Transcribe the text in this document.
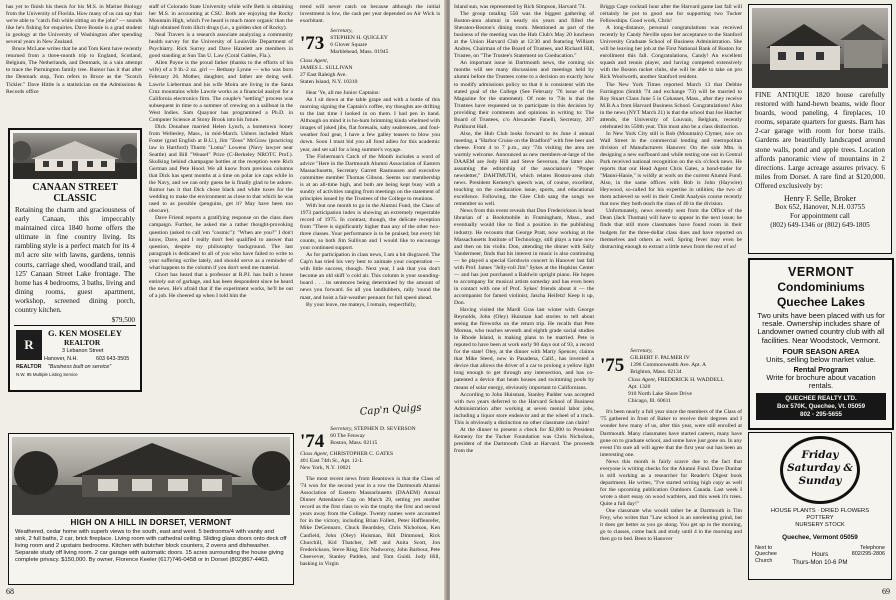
has yet to finish his thesis for his M.S. in Marine Biology from the University of Florida. How many of us can say that we're able to "catch fish while sitting on the john" — sounds like he's fishing for enquiries. Dave Bossie is a grad student in geology at the University of Washington after spending several years in New Zealand.

Bruce McLane writes that he and Tom Kent have recently returned from a three-month trip to England, Scotland, Belgium, The Netherlands, and Denmark, in a vain attempt to trace the Parmington family tree. Rumor has it that after the Denmark stop, Tom refers to Bruce as the "Scotch Tickler." Dave Hittle is a statistician on the Admissions & Records office

CANAAN STREET
CLASSIC
Retaining the charm and graciousness of early Canaan, this impeccably maintained circa 1840 home offers the ultimate in fine country living. Its rambling style is a perfect match for its 4 m/l acre site with lawns, gardens, tennis courts, carriage shed, woodland trail, and 125' Canaan Street Lake frontage. The home has 4 bedrooms, 3 baths, living and dining rooms, guest apartment, workshop, screened dining porch, country kitchen.
$79,500
R
G. KEN MOSELEY
REALTOR
3 Lebanon Street
Hanover, N.H.	603 643-3505
REALTOR "Business built on service"
N.W. 95 Multiple Listing Service

staff of Colorado State University while wife Beth is obtaining her M.S. in accounting at CSU. Both are enjoying the Rocky Mountain High, which I've heard is much more organic than the high obtained from illicit drugs (i.e., a golden shot of Rocky).

Neal Travers is a research associate analyzing a community health survey for the University of Louisville Department of Psychiatry. Rick Surrey and Dave Hazelett are members in good standing at Sun Tan U. Law (Coral Gables, Fla.).

Allen Payne is the proud father (thanks to the efforts of his wife) of a 9 lb.-2 oz. girl — Bethany Lynne — who was born February 26. Mother, daughter, and father are doing well. Lawrie Lieberman and his wife Moira are living in the Santa Cruz mountains while Lawrie works as a financial analyst for a California electronics firm. The couple's "settling" process was subsequent in time to a summer of crewing on a sailboat in the West Indies. Sam Quaynor has programmed a Ph.D. in Computer Science at Stony Brook into his future.

Dick Donahue married Helen Lynch, a hometown honey from Wellesley, Mass., in mid-March. Ushers included Mark Foster (grad English at B.U.), Jim "Zeus" McGraw (practicing law in Hartford) Thurm "Loma" Lowens (Navy lawyer near Seattle) and Bill "Weasel" Price (C-Berkeley NROTC Prof.). Skulking behind champagne bottles at the reception were Rich German and Pete Hood. We all know from previous columns that Dick has spent months at a time on polar ice caps while in the Navy, and we can only guess he is finally glad to be ashore. Rumor has it that Dick chose black and white tuxes for the wedding to make the environment as close to that which he was used to as possible (penguins, get it? May have been too obscure).

Dave Friend reports a gratifying response on the class dues campaign. Further, he asked me a rather thought-provoking question (asked to call 'em "cosmic"): "When are you?" I don't know, Dave, and I really don't feel qualified to answer that question, despite my philosophy background. The last paragraph is dedicated to all of you who have failed to write to your suffering scribe lately, and should serve as a reminder of what happens to the column if you don't send me material.

Ghort has heard that a professor at R.P.I. has built a house entirely out of garbage, and has been despondent since he heard the news. He's afraid that if the experiment works, he'll be out of a job. He cheered up when I told him the

trend will never catch on because although the initial investment is low, the cash per year depended on Air Wick is exorbitant.

'73
Secretary,
STEPHEN H. QUIGLEY
6 Glover Square
Marblehead, Mass. 01945
Class Agent,
JAMES L. SULLIVAN
27 East Raleigh Ave.
Staten Island, N.Y. 10310

Hear 'Ye, all me Junior Captains:

As I sit down at the table grape and with a bottle of this morning signing the Captain's coffee, my thoughts are drifting to the last time I looked in on them. I had pen in hand. Although on mind it is ho-hum brimming kinda whelmed with images of joked jibs, flat foresails, salty seabreezes, and foul-weather foul gear, I have a few galley teasers to blow you down. Soon I must bid you all fond adieu for this academic year, and set sail for a long summer's voyage.

The Fisherman's Catch of the Month includes a word of advice "Here in the Dartmouth Alumni Association of Eastern Massachusetts, Secretary Garrett Rasmussen and executive committee member Thomas Gibson. Seems our membership is at an all-time high, and both are being kept busy with a sundry of activities ranging from meetings on the statement of principles issued by the Trustees of the College to reunions.

With but one month to go in the Alumni Fund, the Class of 1973 participation index is showing an extremely respectable record of 1975. In contrast, though, the delicate reception from "There is significantly higher than any of the other two-three classes. Your performance is to be praised; but every bit counts, so both Jim Sullivan and I would like to encourage your continued support.

As for participation in class news, I am a bit disgraced. The Cap'n has tried his very best to animate your cooperation — with little success, though. Next year, I ask that you don't become an old skiff 'o cold air. This column is your sounding-board . . . its sentences being determined by the amount of news you forward. So all you landlubbers, rally 'round the mast, and hoist a fair-weather pennant for full speed ahead.

By your leave, me mateys, I remain, respectfully,

Cap'n Quigs
'74
Secretary, STEPHEN D. SEVERSON
60 The Fenway
Boston, Mass. 02115
Class Agent, CHRISTOPHER C. GATES
401 East 74th St., Apt. 12-L
New York, N.Y. 10021

The most recent news from Beantown is that the Class of '74 won for the second year in a row the Dartmouth Alumni Association of Eastern Massachusetts (DAAEM) Annual Dinner Attendance Cup on March 29, setting yet another record as the first class to win the trophy the first and second years away from the College. Twenty names were accounted for in the victory, including Brian Follett, Peter Hafflenrefer, Mike DeGennaro, Chuck Beardsley, Chris Nicholson, Ken Canfield, John (Oley) Huisman, Bill Dimmond, Rick Churchill, Kid Thatcher, Jeff and Anita Scott, Jon Frederickson, Steve Ring, Eric Nadworny, John Barbour, Pete Cheevever, Stanley Padden, and Tom Guidi. Jody Hill, basking in Virgin

HIGH ON A HILL IN DORSET, VERMONT
Weathered, cedar home with superb views to the south, east and west. 5 bedrooms/4 with vanity and sink, 2 full baths, 2 car, brick fireplace. Living room with cathedral ceiling. Sliding glass doors onto deck off living room and 2 upstairs bedrooms. Kitchen with butcher block counters, 2 ovens and dishwasher. Separate study off living room. 2 car garage with automatic doors. 15 acres surrounding the house giving complete privacy. $150,000. By owner, Florence Keeler (617)746-0458 or in Dorset (802)867-4463.
68

Island sun, was represented by Rich Simpson, Harvard '74.

The group totaling 550 was the biggest gathering of Boston-area alumni in nearly six years and filled the Sheraton-Boston's dining room. Mentioned as part of the business of the meeting was the Hub Club's May 20 luncheon at the Union Harvard Club at 12:30 and featuring William Andres, Chairman of the Board of Trustees, and Richard Hill, Trustee, on "The Trustee's Statement on Coeducation."

An important issue in Dartmouth news, the coming six months will see many discussions and meetings held by alumni before the Trustees come to a decision on exactly how to modify admissions policy so that it is consistent with the stated goal of the College (See February '76 issue of the Magazine for the statement). Of note to '74s is that the Trustees have requested us to participate in this decision by providing their comments and opinions in writing to: The Board of Trustees, c/o Alexander Fanelli, Secretary, 207 Parkhurst Hall.

Also, the Hub Club looks forward to its June 4 annual meeting, a "Harbor Cruise on the Bradford" with free beer and cheese. From 4 to 7 p.m., any '74s visiting the area are warmly welcome. Announced as new members-at-large of the DAAEM are Jody Hill and Steve Severson, the latter also assuming the editorship of the association's "Proper newsletter," DAHTMUTH, which relates Boston-area club news. President Kemeny's speech was, of course, excellent, touching on the coeducation issue, sports, and educational excellence. Following, the Glee Club sang the songs we remember so well.

News from this event reveals that Don Frederickson is head librarian of a Bookmobile in Framingham, Mass., and eventually would like to find a position in the publishing industry. He recounts that George Pratt, now working at the Massachusetts Institute of Technology, still plays a tune now and then on his violin. Don, attending the dinner with Sally Vandermeer, finds that his interest in music is also continuing — he played a special Gershwin concert in Hanover last fall with Prof. James "Jelly-roll Jim" Sykes at the Hopkins Center — and has just purchased a Baldwin upright piano. He hopes to accompany for musical artists someday and has even been in contact with one of Prof. Sykes' friends about it — the accompanist for famed violinist, Jascha Heifetz! Keep it up, Don.

Having visited the Mardi Gras last winter with George Reynolds, John (Oley) Huisman had stories to tell about seeing the fireworks on the return trip. He recalls that Pete Moreau, who teaches seventh and eighth grade social studies in Rhode Island, is making plans to be married. Pete is reputed to have been at work early 90 days out of 93, a record for the state! Oley, at the dinner with Marty Spencer, claims that Mike Steed, now in Pasadena, Calif., has invented a device that allows the driver of a car to prolong a yellow light long enough to get through any intersection, and has co-patented a device that heats houses and swimming pools by means of solar energy, obviously important to Californians.

According to John Huisman, Stanley Padder was accepted with two years deferred to the Harvard School of Business Administration after working at seven menial labor jobs, including a liquor store endeavor and at the wheel of a truck. This is obviously a distinction no other classmate can claim!

At the dinner to present a check for $2,000 to President Kemeny for the Tucker Foundation was Chris Nicholson, president of the Dartmouth Club at Harvard. The proceeds from the

Briggs Cage cocktail hour after the Harvard game last fall will certainly be put to good use for supporting two Tucker Fellowships. Good work, Chris!

A long-distance, personal congratulations was received recently by Candy Neville upon her acceptance to the Stanford University Graduate School of Business Administration. She will be leaving her job at the First National Bank of Boston for enrollment this fall. Congratulations, Candy! An excellent squash and tennis player, and having competed extensively with the Boston racket clubs, she will be able to take on pro Rick Woolworth, another Stanford resident.

The New York Times reported March 13 that Debbie Farrington (Smith '74 and exchange '73) will be married to Roy Stuart Claus June 5 in Cohasset, Mass., after they receive M.B.A.s from Harvard Business School. Congratulations! Also in the news (NYT March 21) is that the school that Joe Hatcher attends, the University of Louvain, Belgium, recently celebrated its 550th year. This must also be a class distinction.

In New York City still is Bob (Mountain) Clymer, now on Wall Street in the commercial lending and metropolitan division of Manufacturers Hanover. On the side Mtn. is designing a new surfboard and while testing one out in Central Park received national recognition on the six o'clock news. He reports that our Head Agent Chris Gates, a bond-trader for "Manni-Hanie," is wildly at work on the current Alumni Fund. Also, in the same offices with Bob is John (Haywire) Heywood, so-called for his expertise in utilities; the two of them achieved so well in their Credit Analysis course recently that now they both teach the class of 40 in the division.

Unfortunately, news recently sent from the Office of the Dean (Jack Thomas) will have to appear in the next issue; he finds that still more classmates have found room in their budgets for the three-dollar class dues and have reported on themselves and others as well. Spring fever may even be distracting enough to extract a little news from the rest of us!

'75
Secretary,
GILBERT F. PALMER IV
1396 Commonwealth Ave. Apt. A
Brighton, Mass. 02134
Class Agent, FREDERICK H. WADDELL
Apt. 1320
910 North Lake Shore Drive
Chicago, Ill. 60611

It's been nearly a full year since the members of the Class of '75 gathered in front of Baker to receive their degrees and I wonder how many of us, after this year, were still enrolled at Dartmouth. Many classmates have started careers, many have gone on to graduate school, and some have just gone on. In any event I'm sure all will agree that the first year out has been an interesting one.

News this month is fairly scarce due to the fact that everyone is writing checks for the Alumni Fund. Dave Dunbar is still working as a researcher for Reader's Digest book department. He writes, "I've started writing high copy as well for the upcoming publication Outdoors Canada. Last week I wrote a short essay on wood warblers, and this week it's trees. Quite a full day!"

One classmate who would rather be at Dartmouth is Tim Frey, who writes that "Law school is an unrelenting grind, but it does get better as you go along. You get up in the morning, go to classes, come back and study until 4 in the morning and then go to bed. Been to Hanover

FINE ANTIQUE 1820 house carefully restored with hand-hewn beams, wide floor boards, wood paneling, 4 fireplaces, 10 rooms, separate quarters for guests. Barn has 2-car garage with room for horse trails. Gardens are beautifully landscaped around stone walls, pond and apple trees. Location affords panoramic view of mountains in 2 directions. Large acreage assures privacy. 6 miles from Dorset. A rare find at $120,000. Offered exclusively by:
Henry F. Selle, Broker
Box 652, Hanover, N.H. 03755
For appointment call
(802) 649-1346 or (802) 649-1805
VERMONT
Condominiums
Quechee Lakes
Two units have been placed with us for resale. Ownership includes share of Landowner owned country club with all facilities. Near Woodstock, Vermont.
FOUR SEASON AREA
Units, selling below market value.
Rental Program
Write for brochure about vacation rentals.
QUECHEE REALTY LTD.
Box 570K, Quechee, Vt. 05059
802 - 295-5655
Friday Saturday & Sunday
HOUSE PLANTS · DRIED FLOWERS
POTTERY
NURSERY STOCK
Quechee, Vermont 05059
Next to Quechee Church
Telephone 802/295-2806
Hours
Thurs-Mon 10-6 PM
69
